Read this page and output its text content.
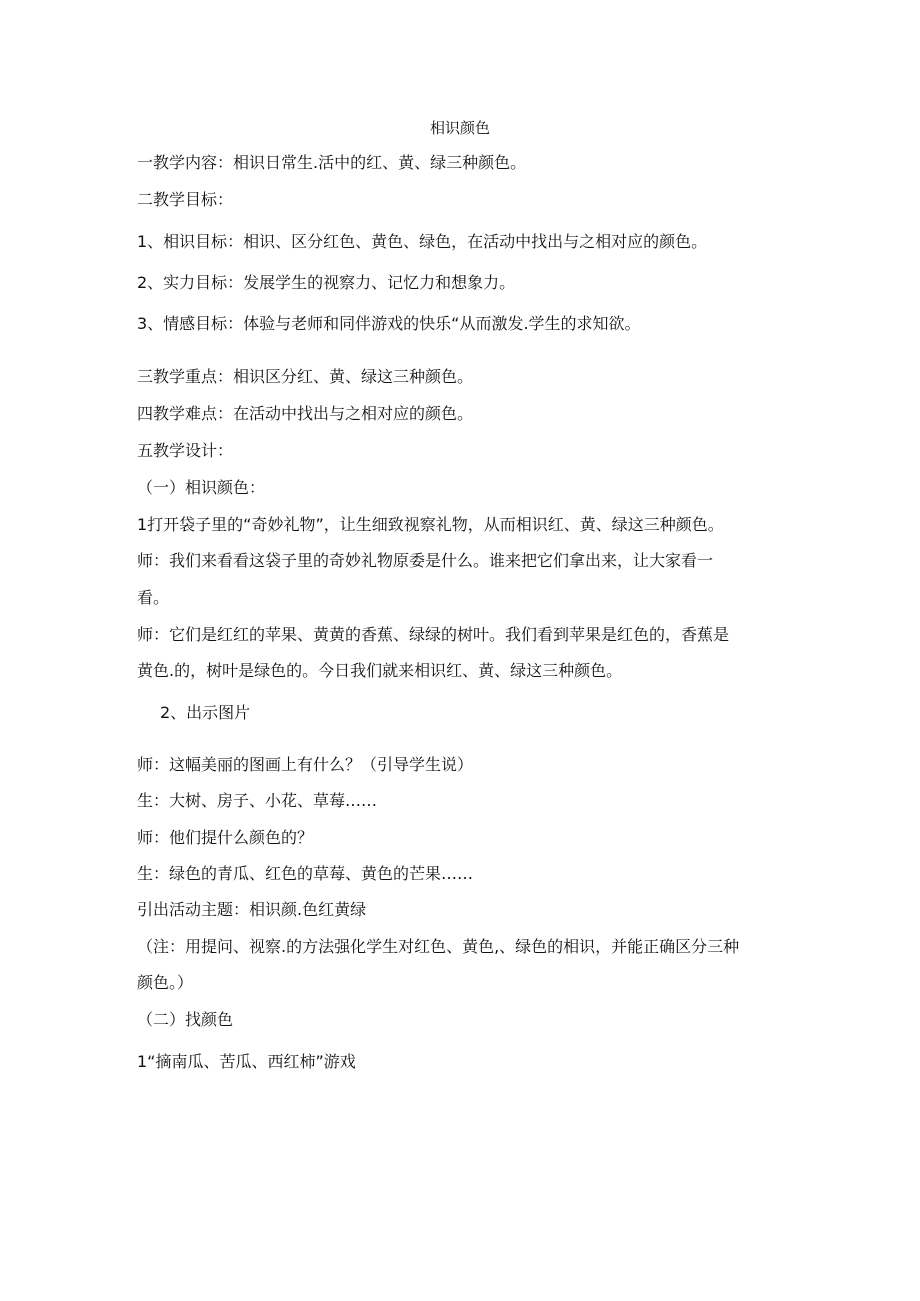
相识颜色

一教学内容：相识日常生.活中的红、黄、绿三种颜色。

二教学目标：

1、相识目标：相识、区分红色、黄色、绿色，在活动中找出与之相对应的颜色。

2、实力目标：发展学生的视察力、记忆力和想象力。

3、情感目标：体验与老师和同伴游戏的快乐“从而激发.学生的求知欲。

三教学重点：相识区分红、黄、绿这三种颜色。

四教学难点：在活动中找出与之相对应的颜色。

五教学设计：

（一）相识颜色：

1打开袋子里的“奇妙礼物”，让生细致视察礼物，从而相识红、黄、绿这三种颜色。

师：我们来看看这袋子里的奇妙礼物原委是什么。谁来把它们拿出来，让大家看一

看。

师：它们是红红的苹果、黄黄的香蕉、绿绿的树叶。我们看到苹果是红色的，香蕉是

黄色.的，树叶是绿色的。今日我们就来相识红、黄、绿这三种颜色。

2、出示图片

师：这幅美丽的图画上有什么？（引导学生说）

生：大树、房子、小花、草莓……

师：他们提什么颜色的？

生：绿色的青瓜、红色的草莓、黄色的芒果……

引出活动主题：相识颜.色红黄绿

（注：用提问、视察.的方法强化学生对红色、黄色,、绿色的相识，并能正确区分三种

颜色。）

（二）找颜色

1“摘南瓜、苦瓜、西红柿”游戏
